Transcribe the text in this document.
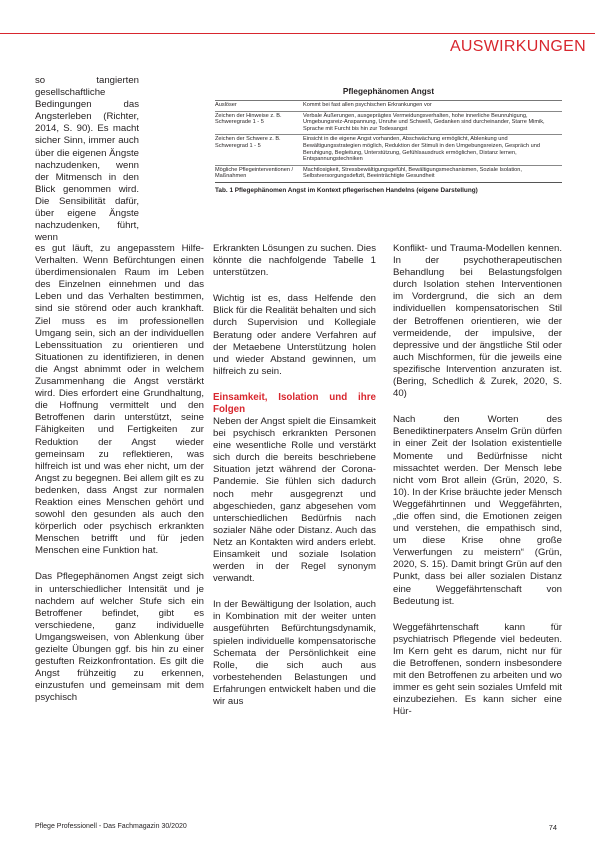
AUSWIRKUNGEN
so tangierten gesellschaftliche Bedingungen das Angsterleben (Richter, 2014, S. 90). Es macht sicher Sinn, immer auch über die eigenen Ängste nachzudenken, wenn der Mitmensch in den Blick genommen wird. Die Sensibilität dafür, über eigene Ängste nachzudenken, führt, wenn
Pflegephänomen Angst
Auslöser	Kommt bei fast allen psychischen Erkrankungen vor
Zeichen der Hinweise z. B. Schweregrade 1 - 5	Verbale Äußerungen, ausgeprägtes Vermeidungsverhalten, hohe innerliche Beunruhigung, Umgebungsreiz-Anspannung, Unruhe und Schweiß, Gedanken sind durcheinander, Starre Mimik, Sprache mit Furcht bis hin zur Todesangst
Zeichen der Schwere z. B. Schweregrad 1 - 5	Einsicht in die eigene Angst vorhanden, Abschwächung ermöglicht, Ablenkung und Bewältigungsstrategien möglich, Reduktion der Stimuli in den Umgebungsreizen, Gespräch und Beruhigung, Begleitung, Unterstützung, Gefühlsausdruck ermöglichen, Distanz lernen, Entspannungstechniken
Mögliche Pflegeinterventionen / Maßnahmen	Machtlosigkeit, Stressbewältigungsgefühl, Bewältigungsmechanismen, Soziale Isolation, Selbstversorgungsdefizit, Beeinträchtigte Gesundheit
Tab. 1 Pflegephänomen Angst im Kontext pflegerischen Handelns (eigene Darstellung)

es gut läuft, zu angepasstem Hilfe-Verhalten. Wenn Befürchtungen einen überdimensionalen Raum im Leben des Einzelnen einnehmen und das Leben und das Verhalten bestimmen, sind sie störend oder auch krankhaft. Ziel muss es im professionellen Umgang sein, sich an der individuellen Lebenssituation zu orientieren und Situationen zu identifizieren, in denen die Angst abnimmt oder in welchem Zusammenhang die Angst verstärkt wird. Dies erfordert eine Grundhaltung, die Hoffnung vermittelt und den Betroffenen darin unterstützt, seine Fähigkeiten und Fertigkeiten zur Reduktion der Angst wieder gemeinsam zu reflektieren, was hilfreich ist und was eher nicht, um der Angst zu begegnen. Bei allem gilt es zu bedenken, dass Angst zur normalen Reaktion eines Menschen gehört und sowohl den gesunden als auch den körperlich oder psychisch erkrankten Menschen betrifft und für jeden Menschen eine Funktion hat.

Das Pflegephänomen Angst zeigt sich in unterschiedlicher Intensität und je nachdem auf welcher Stufe sich ein Betroffener befindet, gibt es verschiedene, ganz individuelle Umgangsweisen, von Ablenkung über gezielte Übungen ggf. bis hin zu einer gestuften Reizkonfrontation. Es gilt die Angst frühzeitig zu erkennen, einzustufen und gemeinsam mit dem psychisch

Erkrankten Lösungen zu suchen. Dies könnte die nachfolgende Tabelle 1 unterstützen.

Wichtig ist es, dass Helfende den Blick für die Realität behalten und sich durch Supervision und Kollegiale Beratung oder andere Verfahren auf der Metaebene Unterstützung holen und wieder Abstand gewinnen, um hilfreich zu sein.

Einsamkeit, Isolation und ihre Folgen

Neben der Angst spielt die Einsamkeit bei psychisch erkrankten Personen eine wesentliche Rolle und verstärkt sich durch die bereits beschriebene Situation jetzt während der Corona-Pandemie. Sie fühlen sich dadurch noch mehr ausgegrenzt und abgeschieden, ganz abgesehen vom unterschiedlichen Bedürfnis nach sozialer Nähe oder Distanz. Auch das Netz an Kontakten wird anders erlebt. Einsamkeit und soziale Isolation werden in der Regel synonym verwandt.

In der Bewältigung der Isolation, auch in Kombination mit der weiter unten ausgeführten Befürchtungsdynamik, spielen individuelle kompensatorische Schemata der Persönlichkeit eine Rolle, die sich auch aus vorbestehenden Belastungen und Erfahrungen entwickelt haben und die wir aus

Konflikt- und Trauma-Modellen kennen. In der psychotherapeutischen Behandlung bei Belastungsfolgen durch Isolation stehen Interventionen im Vordergrund, die sich an dem individuellen kompensatorischen Stil der Betroffenen orientieren, wie der vermeidende, der impulsive, der depressive und der ängstliche Stil oder auch Mischformen, für die jeweils eine spezifische Intervention anzuraten ist. (Bering, Schedlich & Zurek, 2020, S. 40)

Nach den Worten des Benediktinerpaters Anselm Grün dürfen in einer Zeit der Isolation existentielle Momente und Bedürfnisse nicht missachtet werden. Der Mensch lebe nicht vom Brot allein (Grün, 2020, S. 10). In der Krise bräuchte jeder Mensch Weggefährtinnen und Weggefährten, „die offen sind, die Emotionen zeigen und verstehen, die empathisch sind, um diese Krise ohne große Verwerfungen zu meistern“ (Grün, 2020, S. 15). Damit bringt Grün auf den Punkt, dass bei aller sozialen Distanz eine Weggefährtenschaft von Bedeutung ist.

Weggefährtenschaft kann für psychiatrisch Pflegende viel bedeuten. Im Kern geht es darum, nicht nur für die Betroffenen, sondern insbesondere mit den Betroffenen zu arbeiten und wo immer es geht sein soziales Umfeld mit einzubeziehen. Es kann sicher eine Hür-

Pflege Professionell - Das Fachmagazin 30/2020	74
